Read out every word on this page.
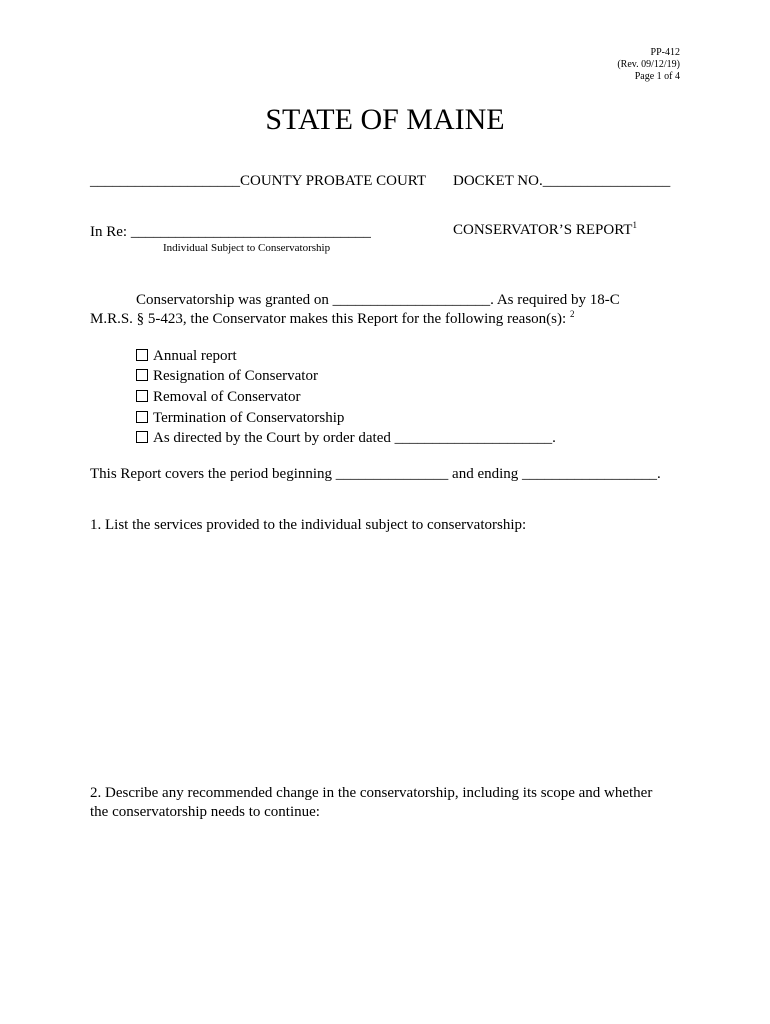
PP-412
(Rev. 09/12/19)
Page 1 of 4
STATE OF MAINE
____________________COUNTY PROBATE COURT DOCKET NO._________________
In Re: ________________________________
Individual Subject to Conservatorship
CONSERVATOR’S REPORT$^1$
Conservatorship was granted on _____________________. As required by 18-C
M.R.S. § 5-423, the Conservator makes this Report for the following reason(s): $^2$
Annual report
Resignation of Conservator
Removal of Conservator
Termination of Conservatorship
As directed by the Court by order dated _____________________.
This Report covers the period beginning _______________ and ending __________________.
1. List the services provided to the individual subject to conservatorship:
2. Describe any recommended change in the conservatorship, including its scope and whether
the conservatorship needs to continue:
